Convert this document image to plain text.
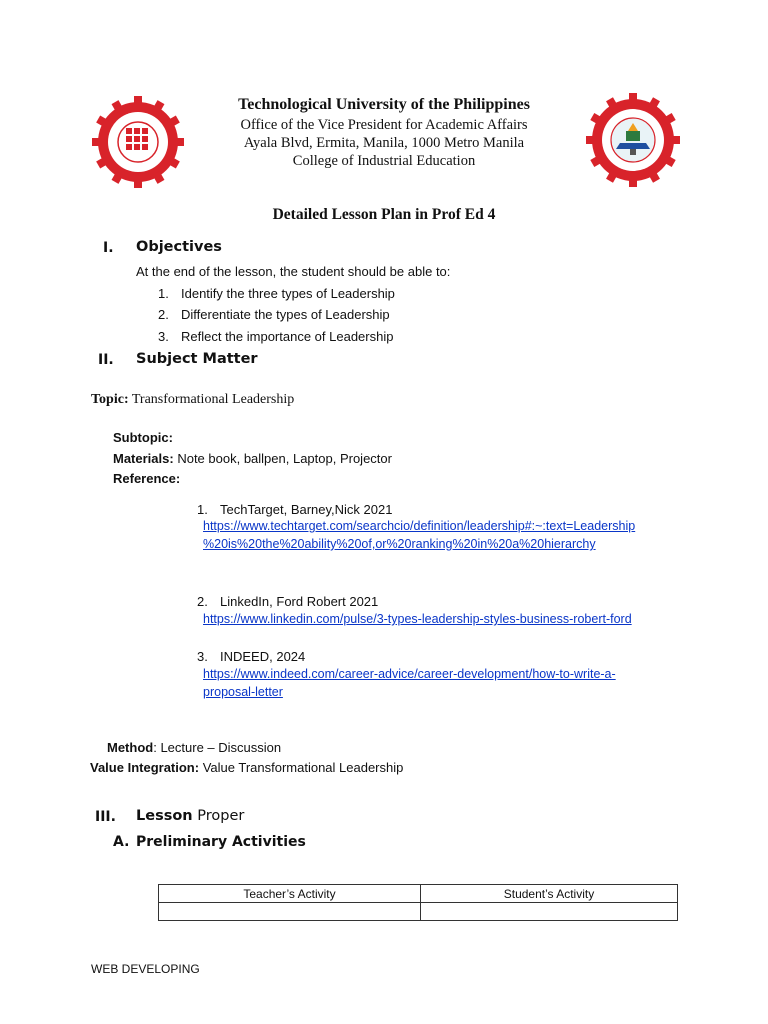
1901
Technological University of the Philippines
Office of the Vice President for Academic Affairs
Ayala Blvd, Ermita, Manila, 1000 Metro Manila
College of Industrial Education
Detailed Lesson Plan in Prof Ed 4
I. Objectives
At the end of the lesson, the student should be able to:
1. Identify the three types of Leadership
2. Differentiate the types of Leadership
3. Reflect the importance of Leadership
II. Subject Matter
Topic: Transformational Leadership
Subtopic:
Materials: Note book, ballpen, Laptop, Projector
Reference:
1. TechTarget, Barney,Nick 2021
https://www.techtarget.com/searchcio/definition/leadership#:~:text=Leadership
%20is%20the%20ability%20of,or%20ranking%20in%20a%20hierarchy
2. LinkedIn, Ford Robert 2021
https://www.linkedin.com/pulse/3-types-leadership-styles-business-robert-ford
3. INDEED, 2024
https://www.indeed.com/career-advice/career-development/how-to-write-a-
proposal-letter
Method: Lecture – Discussion
Value Integration: Value Transformational Leadership
III. Lesson Proper
A. Preliminary Activities
Teacher’s Activity	Student’s Activity

WEB DEVELOPING
